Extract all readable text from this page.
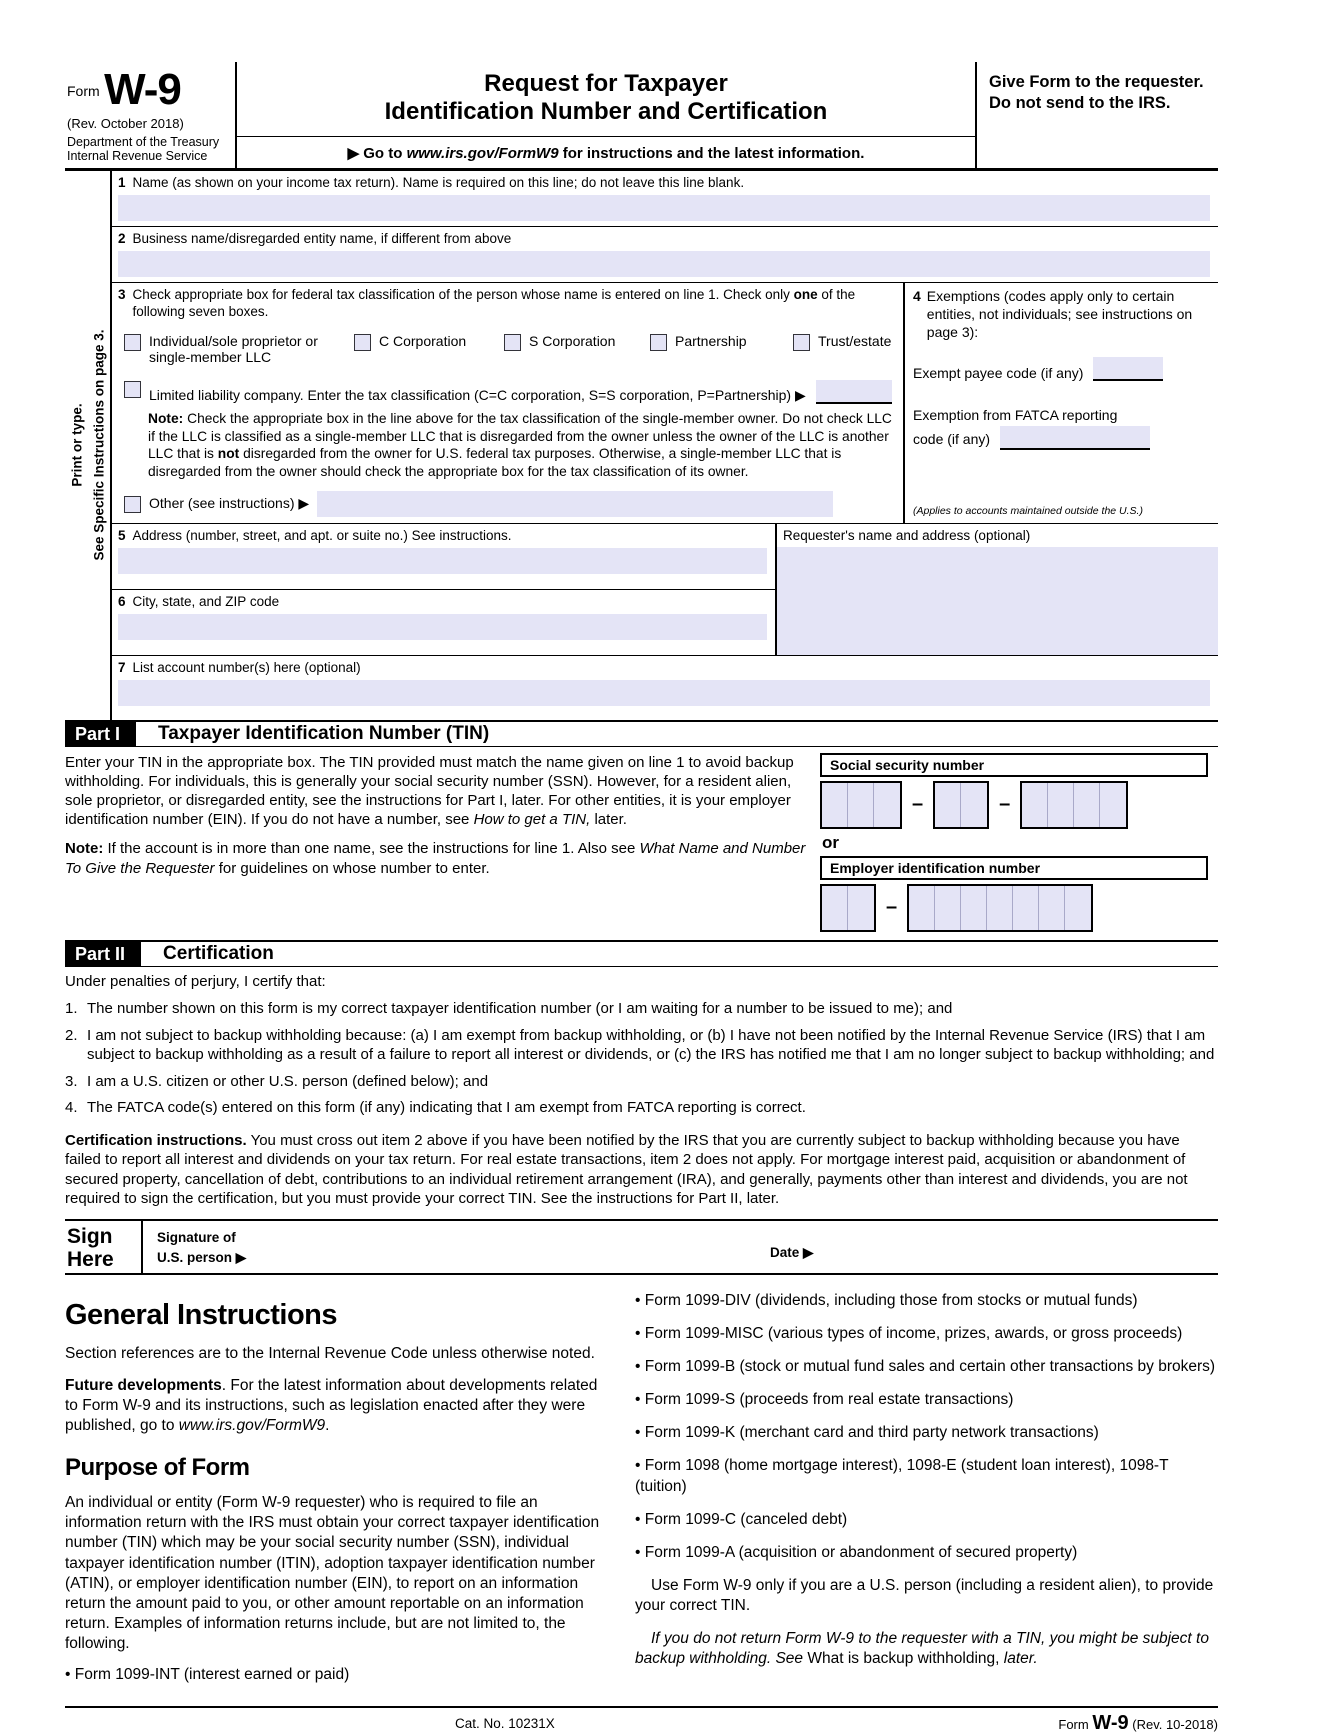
Form W-9
(Rev. October 2018)
Department of the Treasury
Internal Revenue Service
Request for Taxpayer
Identification Number and Certification
▶ Go to www.irs.gov/FormW9 for instructions and the latest information.
Give Form to the requester. Do not send to the IRS.
Print or type. See Specific Instructions on page 3.
1 Name (as shown on your income tax return). Name is required on this line; do not leave this line blank.
2 Business name/disregarded entity name, if different from above
3 Check appropriate box for federal tax classification of the person whose name is entered on line 1. Check only one of the following seven boxes.
Individual/sole proprietor or single-member LLC
C Corporation	S Corporation	Partnership	Trust/estate
Limited liability company. Enter the tax classification (C=C corporation, S=S corporation, P=Partnership) ▶
Note: Check the appropriate box in the line above for the tax classification of the single-member owner. Do not check LLC if the LLC is classified as a single-member LLC that is disregarded from the owner unless the owner of the LLC is another LLC that is not disregarded from the owner for U.S. federal tax purposes. Otherwise, a single-member LLC that is disregarded from the owner should check the appropriate box for the tax classification of its owner.
Other (see instructions) ▶
4 Exemptions (codes apply only to certain entities, not individuals; see instructions on page 3):
Exempt payee code (if any)
Exemption from FATCA reporting
code (if any)
(Applies to accounts maintained outside the U.S.)
5 Address (number, street, and apt. or suite no.) See instructions.
6 City, state, and ZIP code
Requester's name and address (optional)
7 List account number(s) here (optional)
Part I	Taxpayer Identification Number (TIN)

Enter your TIN in the appropriate box. The TIN provided must match the name given on line 1 to avoid backup withholding. For individuals, this is generally your social security number (SSN). However, for a resident alien, sole proprietor, or disregarded entity, see the instructions for Part I, later. For other entities, it is your employer identification number (EIN). If you do not have a number, see How to get a TIN, later.

Note: If the account is in more than one name, see the instructions for line 1. Also see What Name and Number To Give the Requester for guidelines on whose number to enter.

Social security number
–	–
or
Employer identification number
–
Part II	Certification
Under penalties of perjury, I certify that:
1. The number shown on this form is my correct taxpayer identification number (or I am waiting for a number to be issued to me); and
2. I am not subject to backup withholding because: (a) I am exempt from backup withholding, or (b) I have not been notified by the Internal Revenue Service (IRS) that I am subject to backup withholding as a result of a failure to report all interest or dividends, or (c) the IRS has notified me that I am no longer subject to backup withholding; and
3. I am a U.S. citizen or other U.S. person (defined below); and
4. The FATCA code(s) entered on this form (if any) indicating that I am exempt from FATCA reporting is correct.
Certification instructions. You must cross out item 2 above if you have been notified by the IRS that you are currently subject to backup withholding because you have failed to report all interest and dividends on your tax return. For real estate transactions, item 2 does not apply. For mortgage interest paid, acquisition or abandonment of secured property, cancellation of debt, contributions to an individual retirement arrangement (IRA), and generally, payments other than interest and dividends, you are not required to sign the certification, but you must provide your correct TIN. See the instructions for Part II, later.
Sign
Here
Signature of
U.S. person ▶	Date ▶
General Instructions

Section references are to the Internal Revenue Code unless otherwise noted.

Future developments. For the latest information about developments related to Form W-9 and its instructions, such as legislation enacted after they were published, go to www.irs.gov/FormW9.

Purpose of Form

An individual or entity (Form W-9 requester) who is required to file an information return with the IRS must obtain your correct taxpayer identification number (TIN) which may be your social security number (SSN), individual taxpayer identification number (ITIN), adoption taxpayer identification number (ATIN), or employer identification number (EIN), to report on an information return the amount paid to you, or other amount reportable on an information return. Examples of information returns include, but are not limited to, the following.

• Form 1099-INT (interest earned or paid)

• Form 1099-DIV (dividends, including those from stocks or mutual funds)

• Form 1099-MISC (various types of income, prizes, awards, or gross proceeds)

• Form 1099-B (stock or mutual fund sales and certain other transactions by brokers)

• Form 1099-S (proceeds from real estate transactions)

• Form 1099-K (merchant card and third party network transactions)

• Form 1098 (home mortgage interest), 1098-E (student loan interest), 1098-T (tuition)

• Form 1099-C (canceled debt)

• Form 1099-A (acquisition or abandonment of secured property)

Use Form W-9 only if you are a U.S. person (including a resident alien), to provide your correct TIN.

If you do not return Form W-9 to the requester with a TIN, you might be subject to backup withholding. See What is backup withholding, later.

Cat. No. 10231X	Form W-9 (Rev. 10-2018)
